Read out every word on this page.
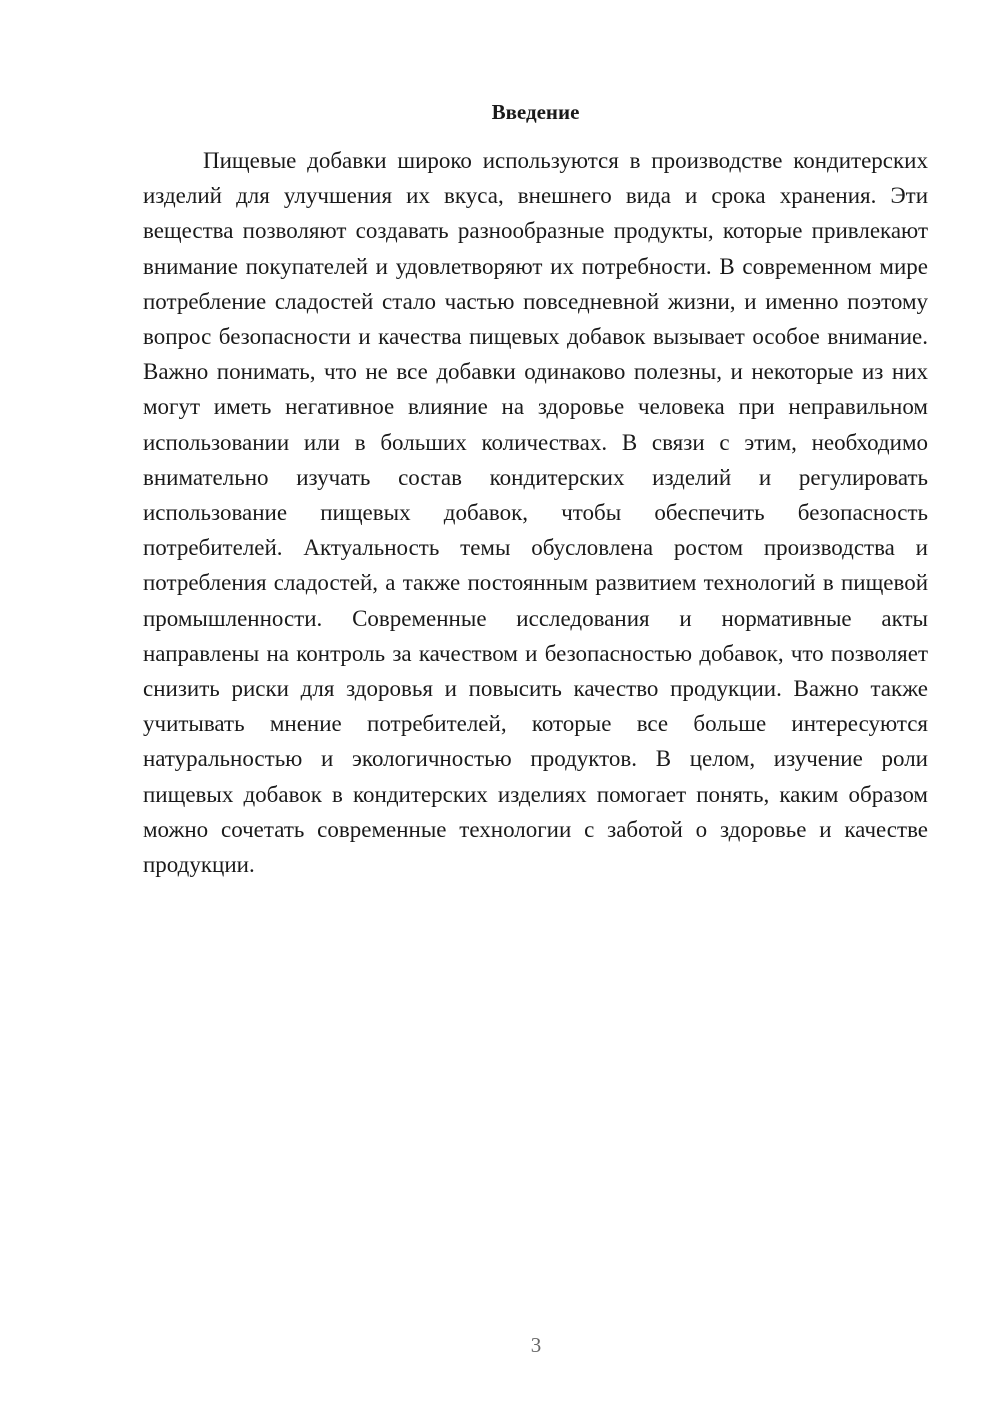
Введение

Пищевые добавки широко используются в производстве кондитерских изделий для улучшения их вкуса, внешнего вида и срока хранения. Эти вещества позволяют создавать разнообразные продукты, которые привлекают внимание покупателей и удовлетворяют их потребности. В современном мире потребление сладостей стало частью повседневной жизни, и именно поэтому вопрос безопасности и качества пищевых добавок вызывает особое внимание. Важно понимать, что не все добавки одинаково полезны, и некоторые из них могут иметь негативное влияние на здоровье человека при неправильном использовании или в больших количествах. В связи с этим, необходимо внимательно изучать состав кондитерских изделий и регулировать использование пищевых добавок, чтобы обеспечить безопасность потребителей. Актуальность темы обусловлена ростом производства и потребления сладостей, а также постоянным развитием технологий в пищевой промышленности. Современные исследования и нормативные акты направлены на контроль за качеством и безопасностью добавок, что позволяет снизить риски для здоровья и повысить качество продукции. Важно также учитывать мнение потребителей, которые все больше интересуются натуральностью и экологичностью продуктов. В целом, изучение роли пищевых добавок в кондитерских изделиях помогает понять, каким образом можно сочетать современные технологии с заботой о здоровье и качестве продукции.

3
